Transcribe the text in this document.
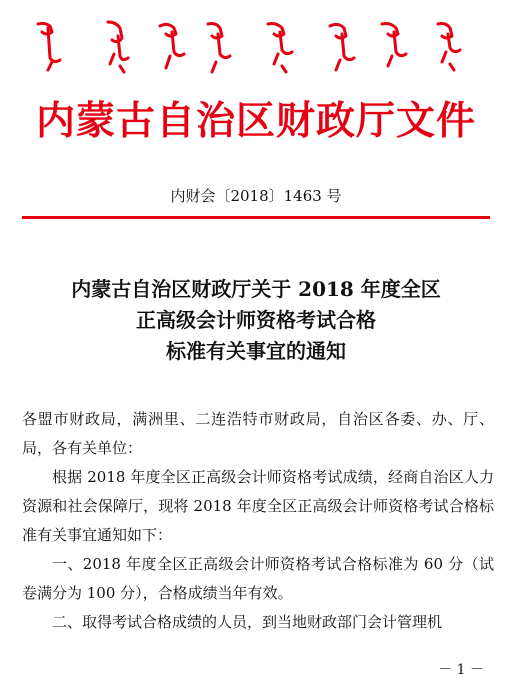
内蒙古自治区财政厅文件
内财会〔2018〕1463 号
内蒙古自治区财政厅关于 2018 年度全区
正高级会计师资格考试合格
标准有关事宜的通知

各盟市财政局，满洲里、二连浩特市财政局，自治区各委、办、厅、局，各有关单位：

根据 2018 年度全区正高级会计师资格考试成绩，经商自治区人力资源和社会保障厅，现将 2018 年度全区正高级会计师资格考试合格标准有关事宜通知如下：

一、2018 年度全区正高级会计师资格考试合格标准为 60 分（试卷满分为 100 分），合格成绩当年有效。

二、取得考试合格成绩的人员，到当地财政部门会计管理机

－ 1 －
